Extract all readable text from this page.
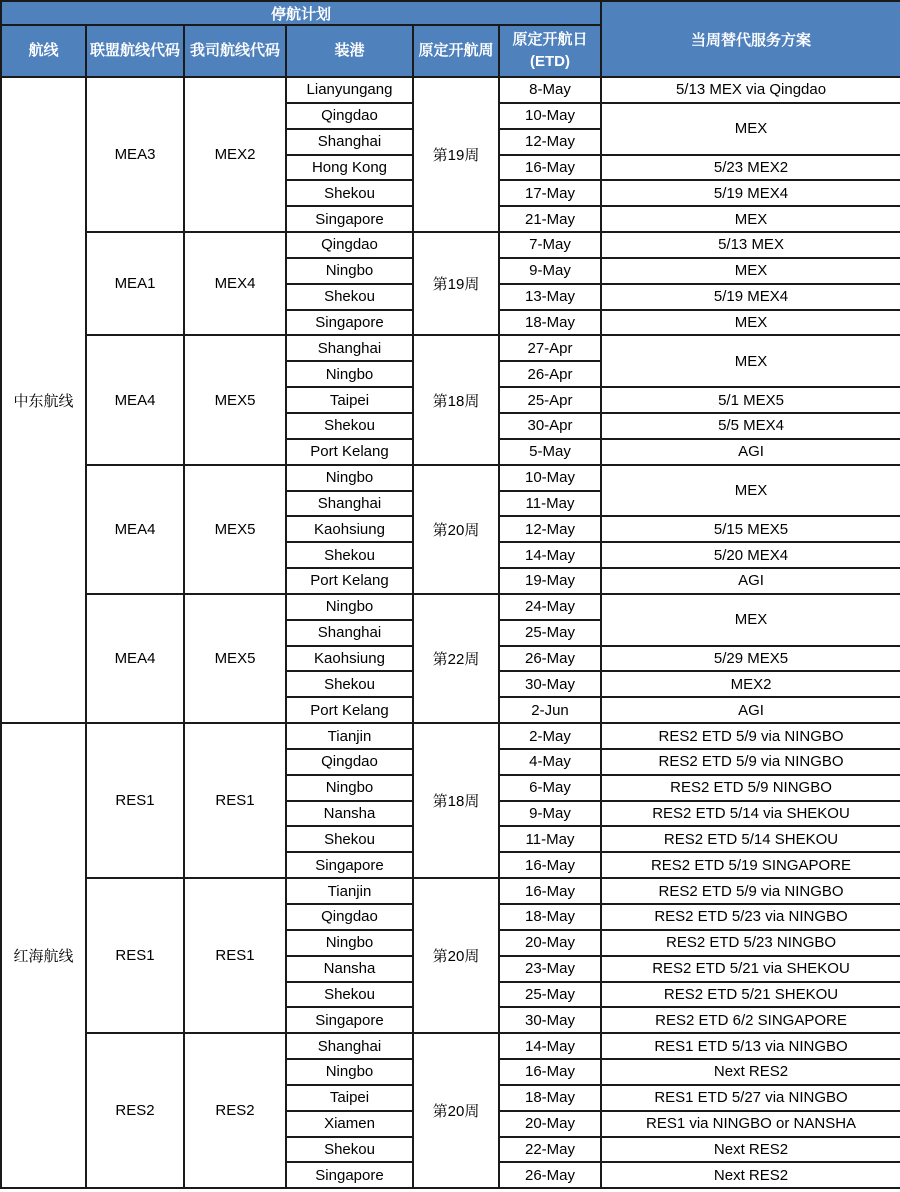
停航计划						当周替代服务方案
航线	联盟航线代码	我司航线代码	装港	原定开航周	原定开航日
(ETD)	

中东航线	MEA3	MEX2	Lianyungang	第19周	8-May	5/13 MEX via Qingdao
			Qingdao		10-May	MEX
			Shanghai		12-May	
			Hong Kong		16-May	5/23 MEX2
			Shekou		17-May	5/19 MEX4
			Singapore		21-May	MEX
	MEA1	MEX4	Qingdao	第19周	7-May	5/13 MEX
			Ningbo		9-May	MEX
			Shekou		13-May	5/19 MEX4
			Singapore		18-May	MEX
	MEA4	MEX5	Shanghai	第18周	27-Apr	MEX
			Ningbo		26-Apr	
			Taipei		25-Apr	5/1 MEX5
			Shekou		30-Apr	5/5 MEX4
			Port Kelang		5-May	AGI
	MEA4	MEX5	Ningbo	第20周	10-May	MEX
			Shanghai		11-May	
			Kaohsiung		12-May	5/15 MEX5
			Shekou		14-May	5/20 MEX4
			Port Kelang		19-May	AGI
	MEA4	MEX5	Ningbo	第22周	24-May	MEX
			Shanghai		25-May	
			Kaohsiung		26-May	5/29 MEX5
			Shekou		30-May	MEX2
			Port Kelang		2-Jun	AGI
红海航线	RES1	RES1	Tianjin	第18周	2-May	RES2 ETD 5/9 via NINGBO
			Qingdao		4-May	RES2 ETD 5/9 via NINGBO
			Ningbo		6-May	RES2 ETD 5/9 NINGBO
			Nansha		9-May	RES2 ETD 5/14 via SHEKOU
			Shekou		11-May	RES2 ETD 5/14 SHEKOU
			Singapore		16-May	RES2 ETD 5/19 SINGAPORE
	RES1	RES1	Tianjin	第20周	16-May	RES2 ETD 5/9 via NINGBO
			Qingdao		18-May	RES2 ETD 5/23 via NINGBO
			Ningbo		20-May	RES2 ETD 5/23 NINGBO
			Nansha		23-May	RES2 ETD 5/21 via SHEKOU
			Shekou		25-May	RES2 ETD 5/21 SHEKOU
			Singapore		30-May	RES2 ETD 6/2 SINGAPORE
	RES2	RES2	Shanghai	第20周	14-May	RES1 ETD 5/13 via NINGBO
			Ningbo		16-May	Next RES2
			Taipei		18-May	RES1 ETD 5/27 via NINGBO
			Xiamen		20-May	RES1 via NINGBO or NANSHA
			Shekou		22-May	Next RES2
			Singapore		26-May	Next RES2
